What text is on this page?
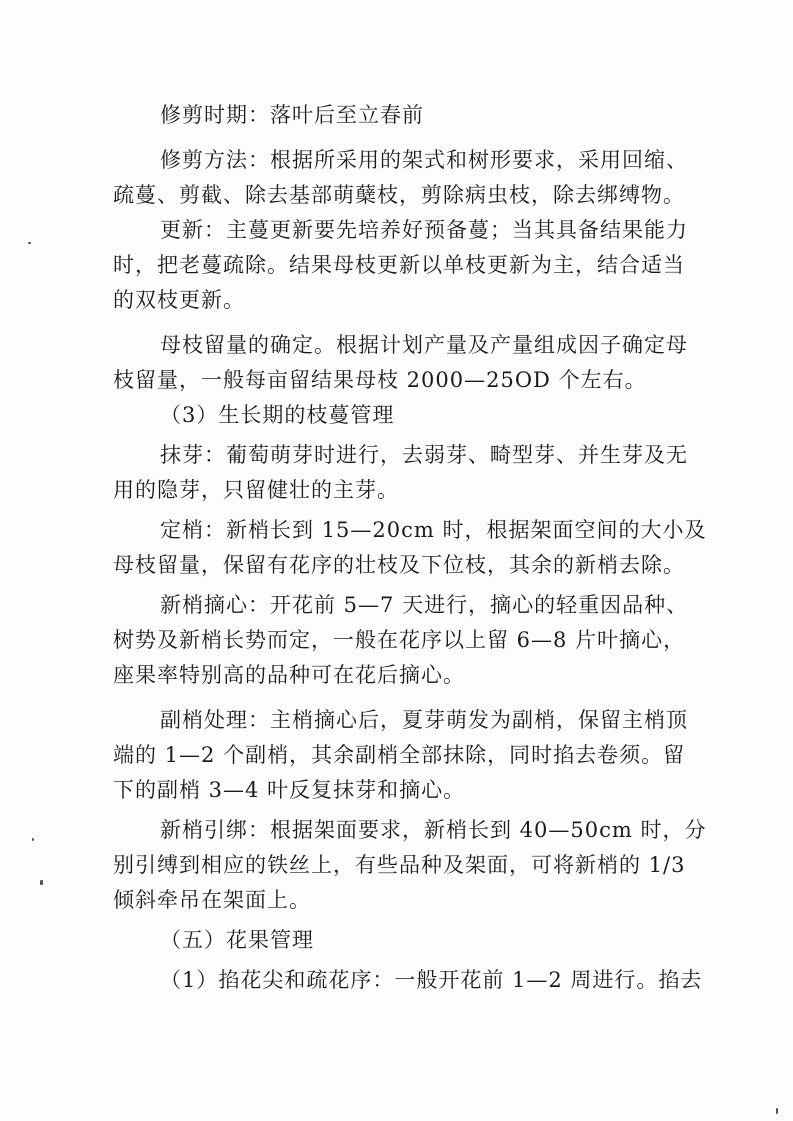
修剪时期：落叶后至立春前

修剪方法：根据所采用的架式和树形要求，采用回缩、

疏蔓、剪截、除去基部萌蘖枝，剪除病虫枝，除去绑缚物。

更新：主蔓更新要先培养好预备蔓；当其具备结果能力

时，把老蔓疏除。结果母枝更新以单枝更新为主，结合适当

的双枝更新。

母枝留量的确定。根据计划产量及产量组成因子确定母

枝留量，一般每亩留结果母枝 2000—25OD 个左右。

（3）生长期的枝蔓管理

抹芽：葡萄萌芽时进行，去弱芽、畸型芽、并生芽及无

用的隐芽，只留健壮的主芽。

定梢：新梢长到 15—20cm 时，根据架面空间的大小及

母枝留量，保留有花序的壮枝及下位枝，其余的新梢去除。

新梢摘心：开花前 5—7 天进行，摘心的轻重因品种、

树势及新梢长势而定，一般在花序以上留 6—8 片叶摘心，

座果率特别高的品种可在花后摘心。

副梢处理：主梢摘心后，夏芽萌发为副梢，保留主梢顶

端的 1—2 个副梢，其余副梢全部抹除，同时掐去卷须。留

下的副梢 3—4 叶反复抹芽和摘心。

新梢引绑：根据架面要求，新梢长到 40—50cm 时，分

别引缚到相应的铁丝上，有些品种及架面，可将新梢的 1/3

倾斜牵吊在架面上。

（五）花果管理

（1）掐花尖和疏花序：一般开花前 1—2 周进行。掐去
